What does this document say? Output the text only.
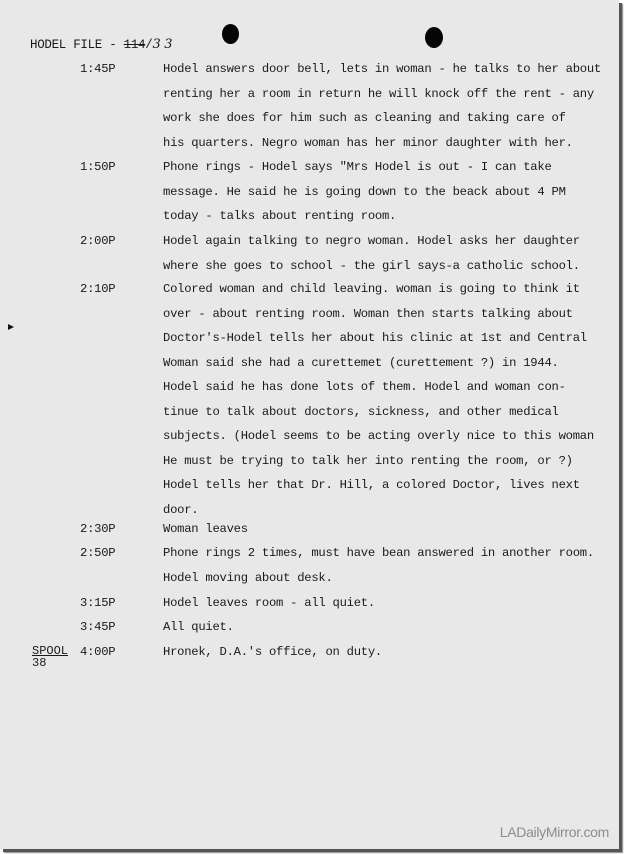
HODEL FILE - 114/3 3
1:45P	Hodel answers door bell, lets in woman - he talks to her about
renting her a room in return he will knock off the rent - any
work she does for him such as cleaning and taking care of
his quarters. Negro woman has her minor daughter with her.
1:50P	Phone rings - Hodel says "Mrs Hodel is out - I can take
message. He said he is going down to the beack about 4 PM
today - talks about renting room.
2:00P	Hodel again talking to negro woman. Hodel asks her daughter
where she goes to school - the girl says-a catholic school.
2:10P	Colored woman and child leaving. woman is going to think it
over - about renting room. Woman then starts talking about
Doctor's-Hodel tells her about his clinic at 1st and Central
Woman said she had a curettemet (curettement ?) in 1944.
Hodel said he has done lots of them. Hodel and woman con-
tinue to talk about doctors, sickness, and other medical
subjects. (Hodel seems to be acting overly nice to this woman
He must be trying to talk her into renting the room, or ?)
Hodel tells her that Dr. Hill, a colored Doctor, lives next
door.
2:30P	Woman leaves
2:50P	Phone rings 2 times, must have bean answered in another room.
Hodel moving about desk.
3:15P	Hodel leaves room - all quiet.
3:45P	All quiet.
4:00P	Hronek, D.A.'s office, on duty.
SPOOL
38
LADailyMirror.com
